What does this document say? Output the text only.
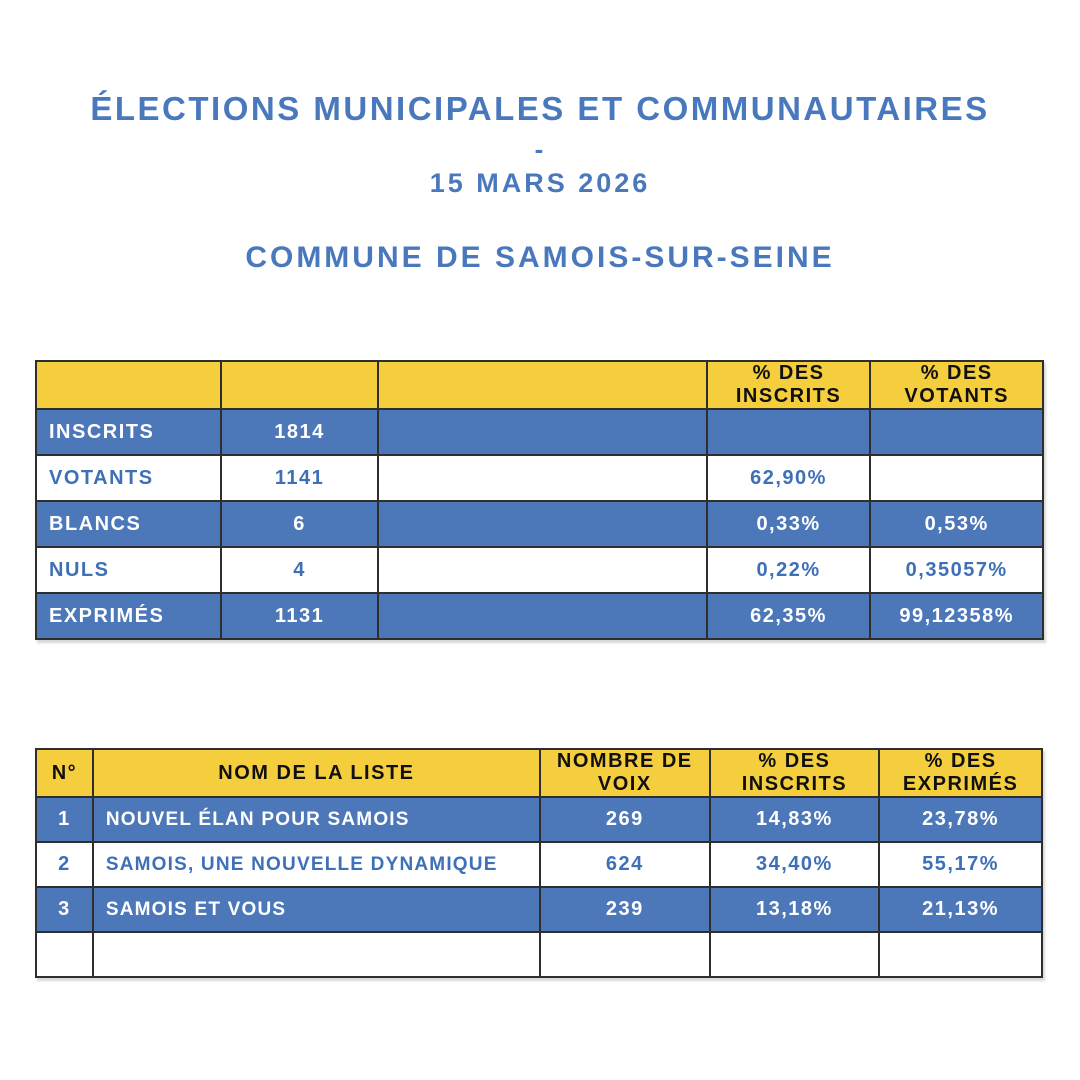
ÉLECTIONS MUNICIPALES ET COMMUNAUTAIRES
-
15 MARS 2026
COMMUNE DE SAMOIS-SUR-SEINE
			% DES INSCRITS	% DES VOTANTS
INSCRITS	1814			
VOTANTS	1141		62,90%	
BLANCS	6		0,33%	0,53%
NULS	4		0,22%	0,35057%
EXPRIMÉS	1131		62,35%	99,12358%
N°	NOM DE LA LISTE	NOMBRE DE VOIX	% DES INSCRITS	% DES EXPRIMÉS
1	NOUVEL ÉLAN POUR SAMOIS	269	14,83%	23,78%
2	SAMOIS, UNE NOUVELLE DYNAMIQUE	624	34,40%	55,17%
3	SAMOIS ET VOUS	239	13,18%	21,13%
